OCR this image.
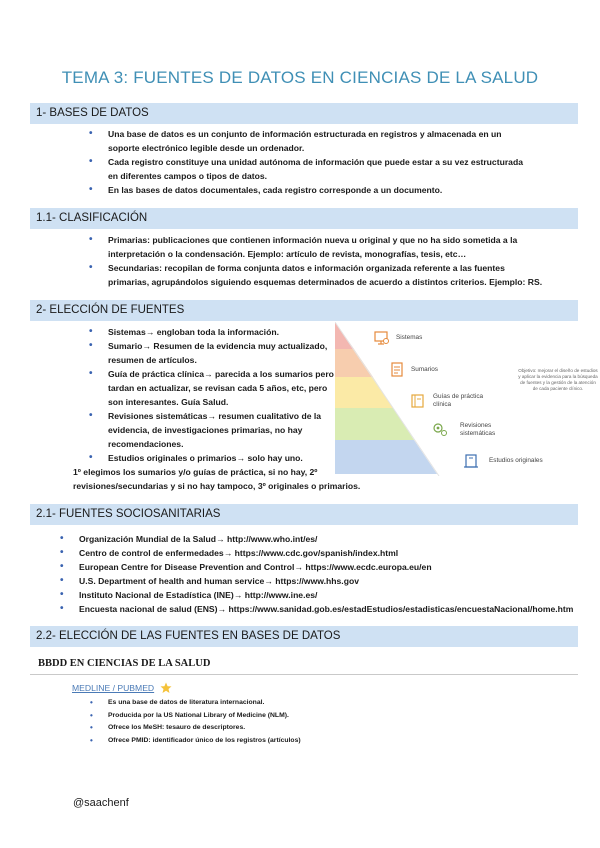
TEMA 3: FUENTES DE DATOS EN CIENCIAS DE LA SALUD
1- BASES DE DATOS
• Una base de datos es un conjunto de información estructurada en registros y almacenada en un
soporte electrónico legible desde un ordenador.
• Cada registro constituye una unidad autónoma de información que puede estar a su vez estructurada
en diferentes campos o tipos de datos.
• En las bases de datos documentales, cada registro corresponde a un documento.
1.1- CLASIFICACIÓN
• Primarias: publicaciones que contienen información nueva u original y que no ha sido sometida a la
interpretación o la condensación. Ejemplo: artículo de revista, monografías, tesis, etc…
• Secundarias: recopilan de forma conjunta datos e información organizada referente a las fuentes
primarias, agrupándolos siguiendo esquemas determinados de acuerdo a distintos criterios. Ejemplo: RS.
2- ELECCIÓN DE FUENTES
• Sistemas→ engloban toda la información.
• Sumario→ Resumen de la evidencia muy actualizado,
resumen de artículos.
• Guía de práctica clínica→ parecida a los sumarios pero
tardan en actualizar, se revisan cada 5 años, etc, pero
son interesantes. Guía Salud.
• Revisiones sistemáticas→ resumen cualitativo de la
evidencia, de investigaciones primarias, no hay
recomendaciones.
• Estudios originales o primarios→ solo hay uno.
1º elegimos los sumarios y/o guías de práctica, si no hay, 2º
revisiones/secundarias y si no hay tampoco, 3º originales o primarios.
Sistemas
Sumarios
Guías de práctica
clínica
Revisiones
sistemáticas
Estudios originales
Objetivo: mejorar el diseño de estudios y aplicar la evidencia para la búsqueda de fuentes y la gestión de la atención de cada paciente clínico.
2.1- FUENTES SOCIOSANITARIAS
• Organización Mundial de la Salud→ http://www.who.int/es/
• Centro de control de enfermedades→ https://www.cdc.gov/spanish/index.html
• European Centre for Disease Prevention and Control→ https://www.ecdc.europa.eu/en
• U.S. Department of health and human service→ https://www.hhs.gov
• Instituto Nacional de Estadística (INE)→ http://www.ine.es/
• Encuesta nacional de salud (ENS)→ https://www.sanidad.gob.es/estadEstudios/estadisticas/encuestaNacional/home.htm
2.2- ELECCIÓN DE LAS FUENTES EN BASES DE DATOS
BBDD EN CIENCIAS DE LA SALUD
MEDLINE / PUBMED
• Es una base de datos de literatura internacional.
• Producida por la US National Library of Medicine (NLM).
• Ofrece los MeSH: tesauro de descriptores.
• Ofrece PMID: identificador único de los registros (artículos)
@saachenf
